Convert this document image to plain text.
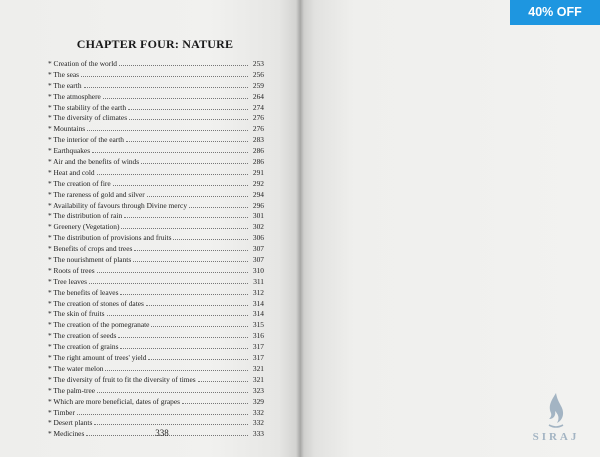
CHAPTER FOUR: NATURE
* Creation of the world	253
* The seas	256
* The earth	259
* The atmosphere	264
* The stability of the earth	274
* The diversity of climates	276
* Mountains	276
* The interior of the earth	283
* Earthquakes	286
* Air and the benefits of winds	286
* Heat and cold	291
* The creation of fire	292
* The rareness of gold and silver	294
* Availability of favours through Divine mercy	296
* The distribution of rain	301
* Greenery (Vegetation)	302
* The distribution of provisions and fruits	306
* Benefits of crops and trees	307
* The nourishment of plants	307
* Roots of trees	310
* Tree leaves	311
* The benefits of leaves	312
* The creation of stones of dates	314
* The skin of fruits	314
* The creation of the pomegranate	315
* The creation of seeds	316
* The creation of grains	317
* The right amount of trees' yield	317
* The water melon	321
* The diversity of fruit to fit the diversity of times	321
* The palm-tree	323
* Which are more beneficial, dates of grapes	329
* Timber	332
* Desert plants	332
* Medicines	333
338
40% OFF
SIRAJ
